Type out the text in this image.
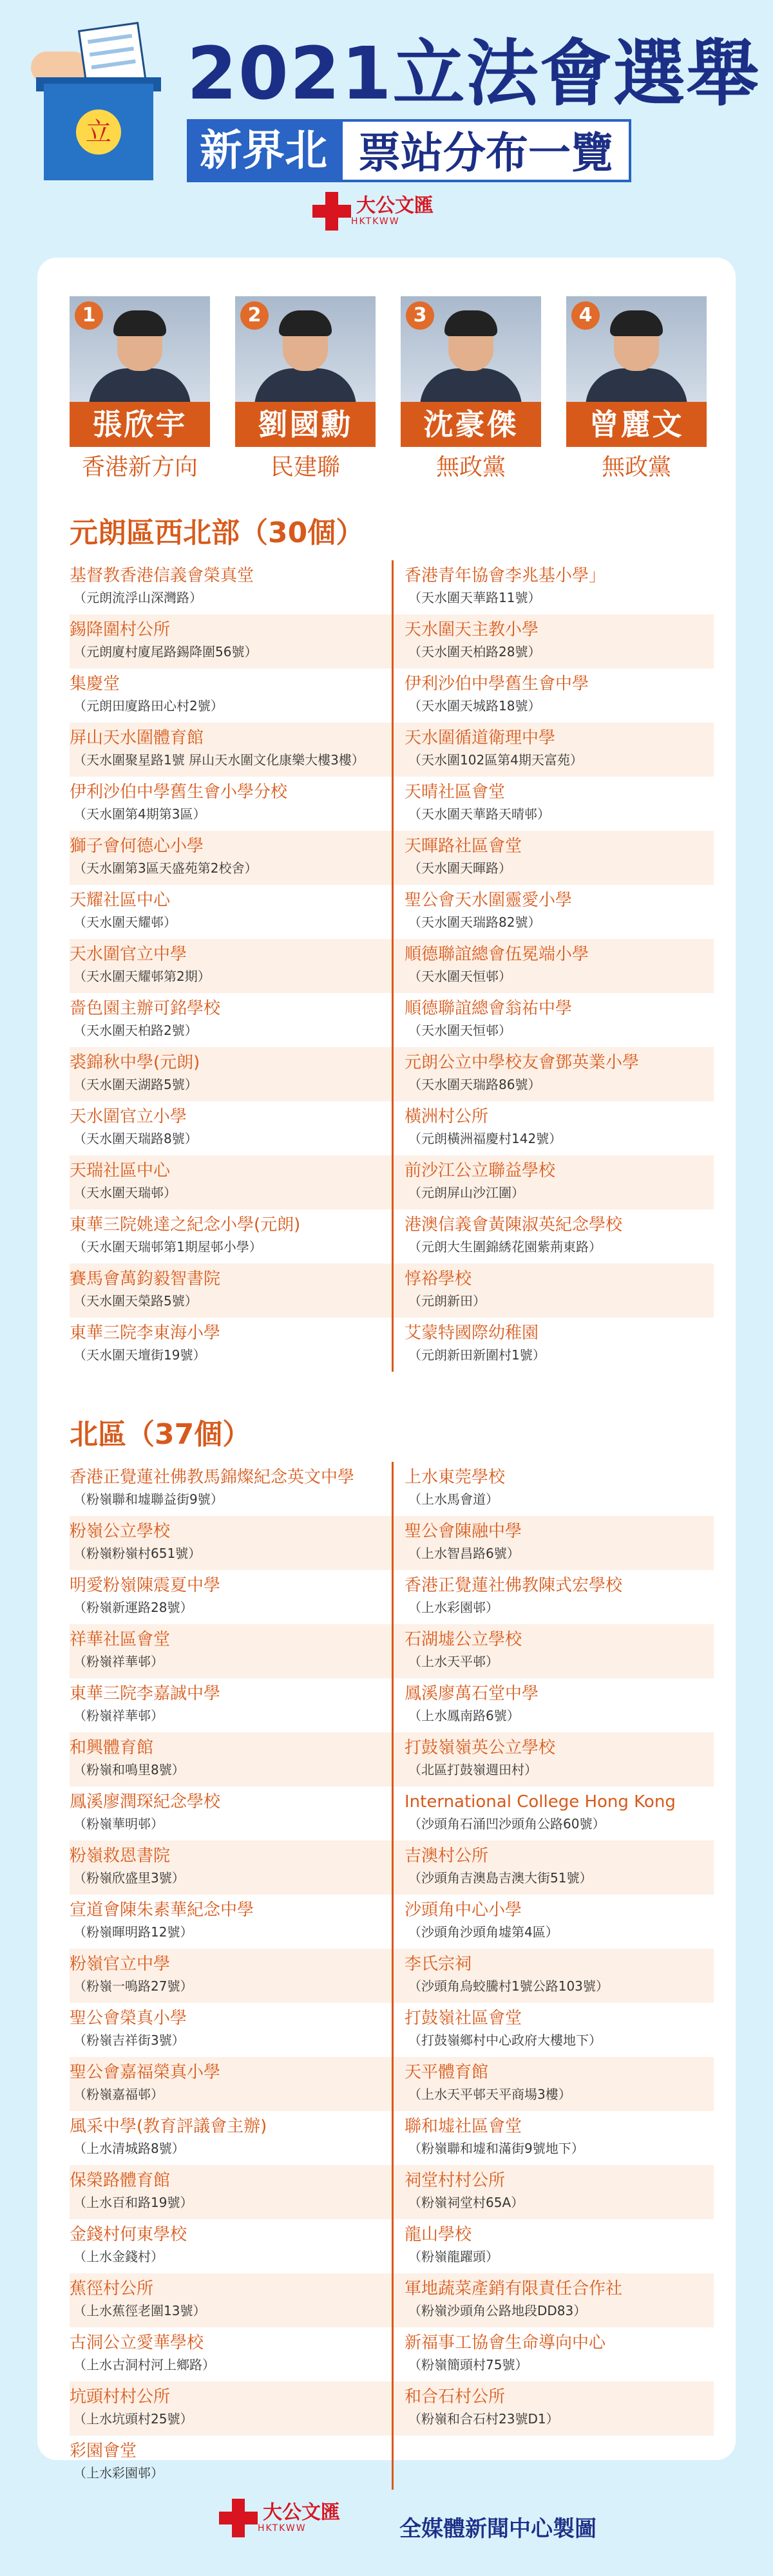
立
2021立法會選舉
新界北 票站分布一覽
大公文匯
HKTKWW
1
張欣宇
香港新方向
2
劉國勳
民建聯
3
沈豪傑
無政黨
4
曾麗文
無政黨
元朗區西北部（30個）
基督教香港信義會榮真堂
（元朗流浮山深灣路）
香港青年協會李兆基小學」
（天水圍天華路11號）
錫降圍村公所
（元朗廈村廈尾路錫降圍56號）
天水圍天主教小學
（天水圍天柏路28號）
集慶堂
（元朗田廈路田心村2號）
伊利沙伯中學舊生會中學
（天水圍天城路18號）
屏山天水圍體育館
（天水圍聚星路1號 屏山天水圍文化康樂大樓3樓）
天水圍循道衛理中學
（天水圍102區第4期天富苑）
伊利沙伯中學舊生會小學分校
（天水圍第4期第3區）
天晴社區會堂
（天水圍天華路天晴邨）
獅子會何德心小學
（天水圍第3區天盛苑第2校舍）
天暉路社區會堂
（天水圍天暉路）
天耀社區中心
（天水圍天耀邨）
聖公會天水圍靈愛小學
（天水圍天瑞路82號）
天水圍官立中學
（天水圍天耀邨第2期）
順德聯誼總會伍冕端小學
（天水圍天恒邨）
嗇色園主辦可銘學校
（天水圍天柏路2號）
順德聯誼總會翁祐中學
（天水圍天恒邨）
裘錦秋中學(元朗)
（天水圍天湖路5號）
元朗公立中學校友會鄧英業小學
（天水圍天瑞路86號）
天水圍官立小學
（天水圍天瑞路8號）
橫洲村公所
（元朗橫洲福慶村142號）
天瑞社區中心
（天水圍天瑞邨）
前沙江公立聯益學校
（元朗屏山沙江圍）
東華三院姚達之紀念小學(元朗)
（天水圍天瑞邨第1期屋邨小學）
港澳信義會黃陳淑英紀念學校
（元朗大生圍錦綉花園紫荊東路）
賽馬會萬鈞毅智書院
（天水圍天榮路5號）
惇裕學校
（元朗新田）
東華三院李東海小學
（天水圍天壇街19號）
艾蒙特國際幼稚園
（元朗新田新圍村1號）
北區（37個）
香港正覺蓮社佛教馬錦燦紀念英文中學
（粉嶺聯和墟聯益街9號）
上水東莞學校
（上水馬會道）
粉嶺公立學校
（粉嶺粉嶺村651號）
聖公會陳融中學
（上水智昌路6號）
明愛粉嶺陳震夏中學
（粉嶺新運路28號）
香港正覺蓮社佛教陳式宏學校
（上水彩園邨）
祥華社區會堂
（粉嶺祥華邨）
石湖墟公立學校
（上水天平邨）
東華三院李嘉誠中學
（粉嶺祥華邨）
鳳溪廖萬石堂中學
（上水鳳南路6號）
和興體育館
（粉嶺和鳴里8號）
打鼓嶺嶺英公立學校
（北區打鼓嶺週田村）
鳳溪廖潤琛紀念學校
（粉嶺華明邨）
International College Hong Kong
（沙頭角石涌凹沙頭角公路60號）
粉嶺救恩書院
（粉嶺欣盛里3號）
吉澳村公所
（沙頭角吉澳島吉澳大街51號）
宣道會陳朱素華紀念中學
（粉嶺暉明路12號）
沙頭角中心小學
（沙頭角沙頭角墟第4區）
粉嶺官立中學
（粉嶺一鳴路27號）
李氏宗祠
（沙頭角烏蛟騰村1號公路103號）
聖公會榮真小學
（粉嶺吉祥街3號）
打鼓嶺社區會堂
（打鼓嶺鄉村中心政府大樓地下）
聖公會嘉福榮真小學
（粉嶺嘉福邨）
天平體育館
（上水天平邨天平商場3樓）
風采中學(教育評議會主辦)
（上水清城路8號）
聯和墟社區會堂
（粉嶺聯和墟和滿街9號地下）
保榮路體育館
（上水百和路19號）
祠堂村村公所
（粉嶺祠堂村65A）
金錢村何東學校
（上水金錢村）
龍山學校
（粉嶺龍躍頭）
蕉徑村公所
（上水蕉徑老圍13號）
軍地蔬菜產銷有限責任合作社
（粉嶺沙頭角公路地段DD83）
古洞公立愛華學校
（上水古洞村河上鄉路）
新福事工協會生命導向中心
（粉嶺簡頭村75號）
坑頭村村公所
（上水坑頭村25號）
和合石村公所
（粉嶺和合石村23號D1）
彩園會堂
（上水彩園邨）
大公文匯
HKTKWW	全媒體新聞中心製圖
